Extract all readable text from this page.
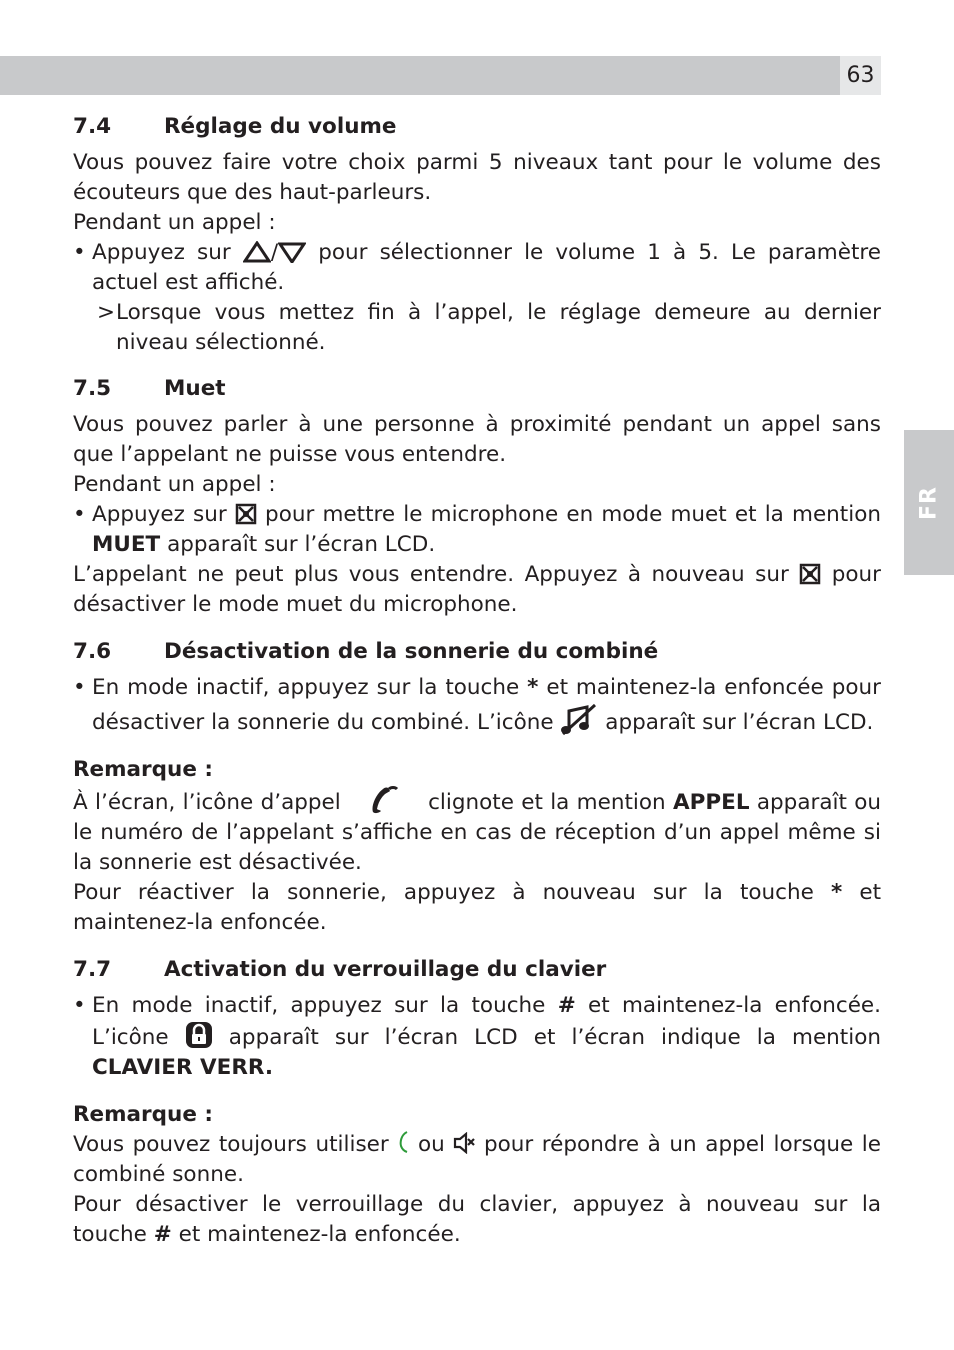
63
FR
7.4	Réglage du volume

Vous pouvez faire votre choix parmi 5 niveaux tant pour le volume des écouteurs que des haut-parleurs.

Pendant un appel :

• Appuyez sur / pour sélectionner le volume 1 à 5. Le paramètre actuel est affiché.
> Lorsque vous mettez fin à l’appel, le réglage demeure au dernier niveau sélectionné.
7.5	Muet

Vous pouvez parler à une personne à proximité pendant un appel sans que l’appelant ne puisse vous entendre.

Pendant un appel :

• Appuyez sur pour mettre le microphone en mode muet et la mention MUET apparaît sur l’écran LCD.

L’appelant ne peut plus vous entendre. Appuyez à nouveau sur pour désactiver le mode muet du microphone.

7.6	Désactivation de la sonnerie du combiné
• En mode inactif, appuyez sur la touche * et maintenez-la enfoncée pour désactiver la sonnerie du combiné. L’icône apparaît sur l’écran LCD.
Remarque :

À l’écran, l’icône d’appel	clignote et la mention APPEL apparaît ou le numéro de l’appelant s’affiche en cas de réception d’un appel même si la sonnerie est désactivée.

Pour réactiver la sonnerie, appuyez à nouveau sur la touche * et maintenez-la enfoncée.

7.7	Activation du verrouillage du clavier
• En mode inactif, appuyez sur la touche # et maintenez-la enfoncée. L’icône	apparaît sur l’écran LCD et l’écran indique la mention CLAVIER VERR.
Remarque :

Vous pouvez toujours utiliser ou pour répondre à un appel lorsque le combiné sonne.

Pour désactiver le verrouillage du clavier, appuyez à nouveau sur la touche # et maintenez-la enfoncée.
